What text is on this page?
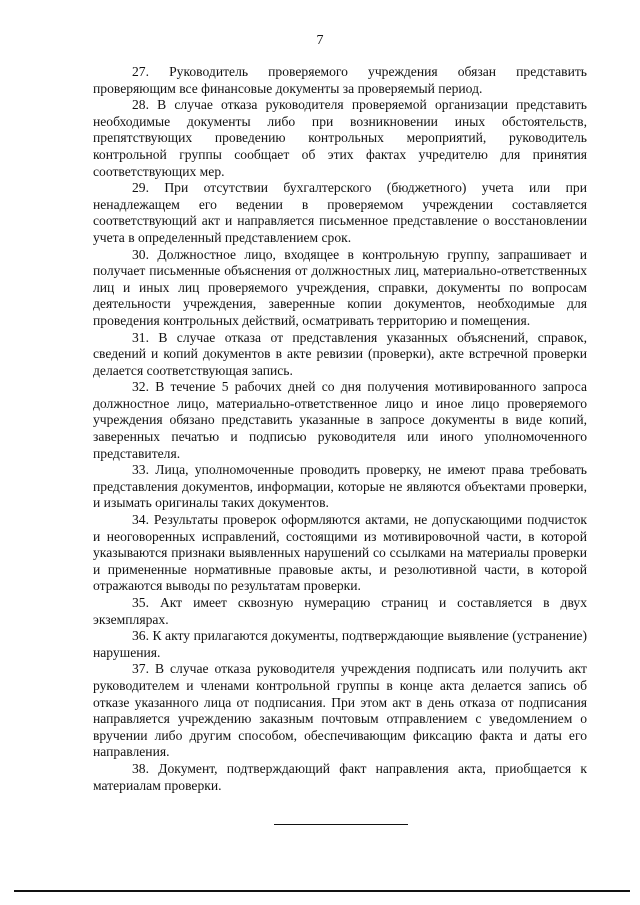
7

27. Руководитель проверяемого учреждения обязан представить проверяющим все финансовые документы за проверяемый период.

28. В случае отказа руководителя проверяемой организации представить необходимые документы либо при возникновении иных обстоятельств, препятствующих проведению контрольных мероприятий, руководитель контрольной группы сообщает об этих фактах учредителю для принятия соответствующих мер.

29. При отсутствии бухгалтерского (бюджетного) учета или при ненадлежащем его ведении в проверяемом учреждении составляется соответствующий акт и направляется письменное представление о восстановлении учета в определенный представлением срок.

30. Должностное лицо, входящее в контрольную группу, запрашивает и получает письменные объяснения от должностных лиц, материально-ответственных лиц и иных лиц проверяемого учреждения, справки, документы по вопросам деятельности учреждения, заверенные копии документов, необходимые для проведения контрольных действий, осматривать территорию и помещения.

31. В случае отказа от представления указанных объяснений, справок, сведений и копий документов в акте ревизии (проверки), акте встречной проверки делается соответствующая запись.

32. В течение 5 рабочих дней со дня получения мотивированного запроса должностное лицо, материально-ответственное лицо и иное лицо проверяемого учреждения обязано представить указанные в запросе документы в виде копий, заверенных печатью и подписью руководителя или иного уполномоченного представителя.

33. Лица, уполномоченные проводить проверку, не имеют права требовать представления документов, информации, которые не являются объектами проверки, и изымать оригиналы таких документов.

34. Результаты проверок оформляются актами, не допускающими подчисток и неоговоренных исправлений, состоящими из мотивировочной части, в которой указываются признаки выявленных нарушений со ссылками на материалы проверки и примененные нормативные правовые акты, и резолютивной части, в которой отражаются выводы по результатам проверки.

35. Акт имеет сквозную нумерацию страниц и составляется в двух экземплярах.

36. К акту прилагаются документы, подтверждающие выявление (устранение) нарушения.

37. В случае отказа руководителя учреждения подписать или получить акт руководителем и членами контрольной группы в конце акта делается запись об отказе указанного лица от подписания. При этом акт в день отказа от подписания направляется учреждению заказным почтовым отправлением с уведомлением о вручении либо другим способом, обеспечивающим фиксацию факта и даты его направления.

38. Документ, подтверждающий факт направления акта, приобщается к материалам проверки.
